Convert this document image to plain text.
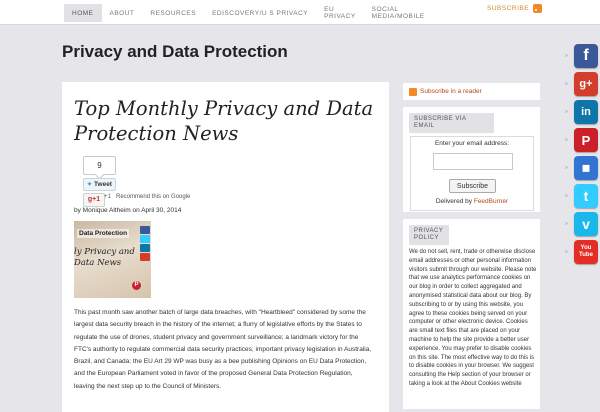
HOME	ABOUT	RESOURCES	EDISCOVERY/U S PRIVACY	EU
PRIVACY
SOCIAL
MEDIA/MOBILE
SUBSCRIBE
Privacy and Data Protection
Top Monthly Privacy and Data Protection News
9
✦ Tweet
g+1 +1 Recommend this on Google
by Monique Altheim on April 30, 2014
Data Protection
ly Privacy and Data News
P

This past month saw another batch of large data breaches, with "Heartbleed" considered by some the largest data security breach in the history of the internet; a flurry of legislative efforts by the States to regulate the use of drones, student privacy and government surveillance; a landmark victory for the FTC's authority to regulate commercial data security practices; important privacy legislation in Australia, Brazil, and Canada; the EU Art 29 WP was busy as a bee publishing Opinions on EU Data Protection, and the European Parliament voted in favor of the proposed General Data Protection Regulation, leaving the next step up to the Council of Ministers.

Subscribe in a reader
SUBSCRIBE VIA
EMAIL
Enter your email address:
Subscribe
Delivered by FeedBurner
PRIVACY
POLICY

We do not sell, rent, trade or otherwise disclose email addresses or other personal information visitors submit through our website. Please note that we use analytics performance cookies on our blog in order to collect aggregated and anonymised statistical data about our blog. By subscribing to or by using this website, you agree to these cookies being served on your computer or other electronic device. Cookies are small text files that are placed on your machine to help the site provide a better user experience. You may prefer to disable cookies on this site. The most effective way to do this is to disable cookies in your browser. We suggest consulting the Help section of your browser or taking a look at the About Cookies website

» f
»	g+
»	in
»	P
»	◼
»	t
»	v
»
You Tube
